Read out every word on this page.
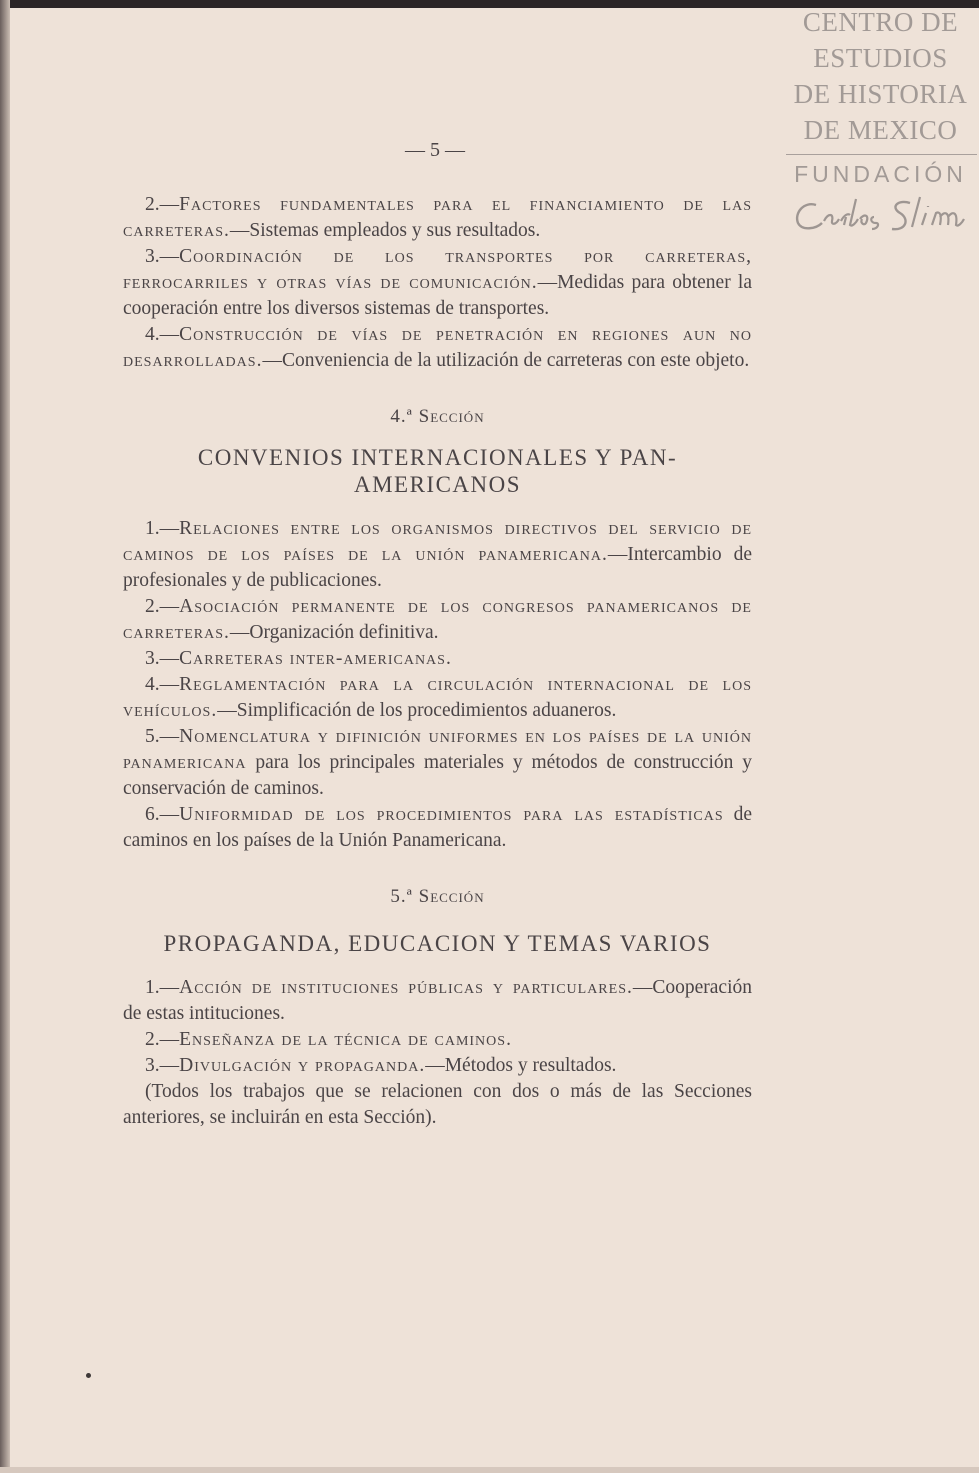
CENTRO DE
ESTUDIOS
DE HISTORIA
DE MEXICO
FUNDACIÓN
— 5 —

2.—Factores fundamentales para el financiamiento de las carreteras.—Sistemas empleados y sus resultados.

3.—Coordinación de los transportes por carreteras, ferrocarriles y otras vías de comunicación.—Medidas para obtener la cooperación entre los diversos sistemas de transportes.

4.—Construcción de vías de penetración en regiones aun no desarrolladas.—Conveniencia de la utilización de carreteras con este objeto.

4.ª Sección

CONVENIOS INTERNACIONALES Y PAN-
AMERICANOS

1.—Relaciones entre los organismos directivos del servicio de caminos de los países de la unión panamericana.—Intercambio de profesionales y de publicaciones.

2.—Asociación permanente de los congresos panamericanos de carreteras.—Organización definitiva.

3.—Carreteras inter-americanas.

4.—Reglamentación para la circulación internacional de los vehículos.—Simplificación de los procedimientos aduaneros.

5.—Nomenclatura y difinición uniformes en los países de la unión panamericana para los principales materiales y métodos de construcción y conservación de caminos.

6.—Uniformidad de los procedimientos para las estadísticas de caminos en los países de la Unión Panamericana.

5.ª Sección

PROPAGANDA, EDUCACION Y TEMAS VARIOS

1.—Acción de instituciones públicas y particulares.—Cooperación de estas intituciones.

2.—Enseñanza de la técnica de caminos.

3.—Divulgación y propaganda.—Métodos y resultados.

(Todos los trabajos que se relacionen con dos o más de las Secciones anteriores, se incluirán en esta Sección).
